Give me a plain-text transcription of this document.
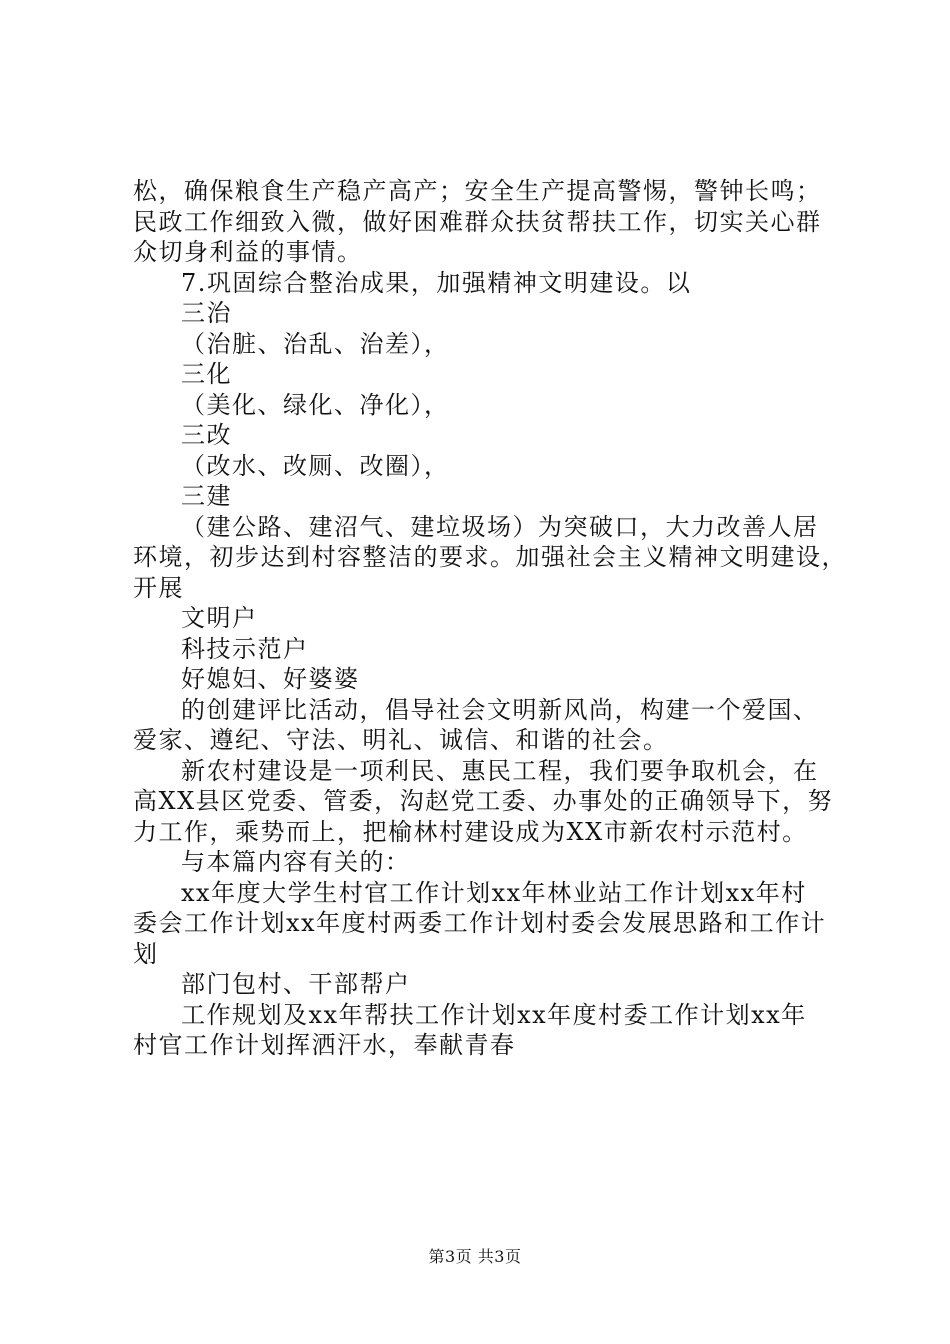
松，确保粮食生产稳产高产；安全生产提高警惕，警钟长鸣；
民政工作细致入微，做好困难群众扶贫帮扶工作，切实关心群
众切身利益的事情。
7.巩固综合整治成果，加强精神文明建设。以
三治
（治脏、治乱、治差），
三化
（美化、绿化、净化），
三改
（改水、改厕、改圈），
三建
（建公路、建沼气、建垃圾场）为突破口，大力改善人居
环境，初步达到村容整洁的要求。加强社会主义精神文明建设，
开展
文明户
科技示范户
好媳妇、好婆婆
的创建评比活动，倡导社会文明新风尚，构建一个爱国、
爱家、遵纪、守法、明礼、诚信、和谐的社会。
新农村建设是一项利民、惠民工程，我们要争取机会，在
高XX县区党委、管委，沟赵党工委、办事处的正确领导下，努
力工作，乘势而上，把榆林村建设成为XX市新农村示范村。
与本篇内容有关的：
xx年度大学生村官工作计划xx年林业站工作计划xx年村
委会工作计划xx年度村两委工作计划村委会发展思路和工作计
划
部门包村、干部帮户
工作规划及xx年帮扶工作计划xx年度村委工作计划xx年
村官工作计划挥洒汗水，奉献青春
第3页 共3页
